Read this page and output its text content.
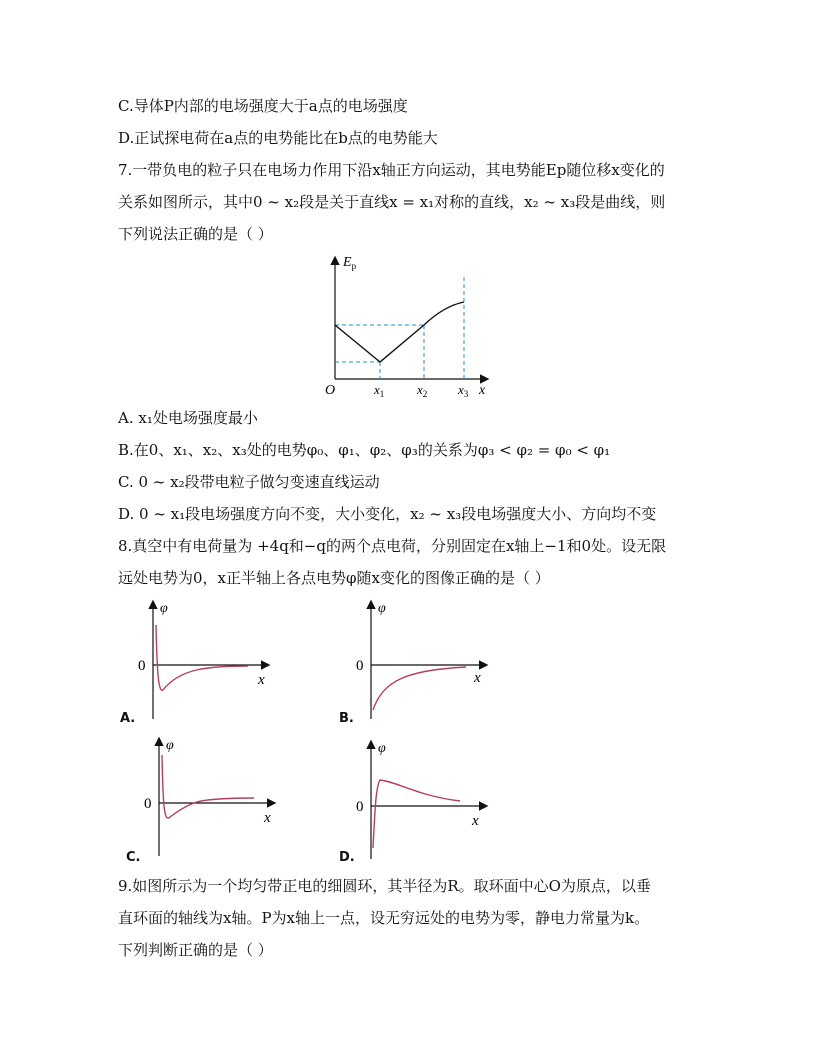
C.导体P内部的电场强度大于a点的电场强度
D.正试探电荷在a点的电势能比在b点的电势能大
7.一带负电的粒子只在电场力作用下沿x轴正方向运动，其电势能Ep随位移x变化的
关系如图所示，其中0 ~ x₂段是关于直线x = x₁对称的直线，x₂ ~ x₃段是曲线，则
下列说法正确的是（ ）
$E_p$
O	$x_1$	$x_2$ $x_3$ x
A. x₁处电场强度最小
B.在0、x₁、x₂、x₃处的电势φ₀、φ₁、φ₂、φ₃的关系为φ₃ < φ₂ = φ₀ < φ₁
C. 0 ~ x₂段带电粒子做匀变速直线运动
D. 0 ~ x₁段电场强度方向不变，大小变化，x₂ ~ x₃段电场强度大小、方向均不变
8.真空中有电荷量为 +4q和−q的两个点电荷，分别固定在x轴上−1和0处。设无限
远处电势为0，x正半轴上各点电势φ随x变化的图像正确的是（ ）
φ
0
x
A.
φ
0
x
B.
φ
0
x
C.
φ
0
x
D.
9.如图所示为一个均匀带正电的细圆环，其半径为R。取环面中心O为原点，以垂
直环面的轴线为x轴。P为x轴上一点，设无穷远处的电势为零，静电力常量为k。
下列判断正确的是（ ）
